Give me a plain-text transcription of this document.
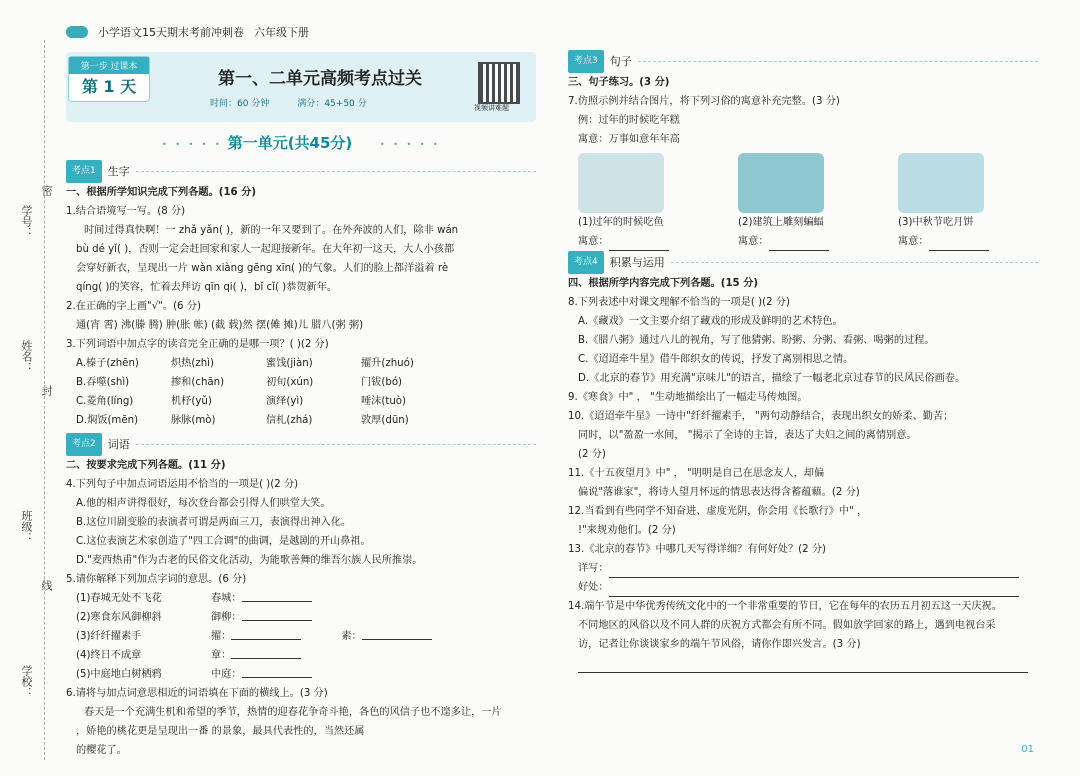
学号：
姓名：
班级：
学校：
密
封
线
小学语文15天期末考前冲刺卷 六年级下册
第一步 过课本
第 1 天	第一、二单元高频考点过关
时间：60 分钟	满分：45+50 分	视频讲难题
• • • • • 第一单元(共45分)	• • • • •
考点1	生字

一、根据所学知识完成下列各题。(16 分)

1.结合语境写一写。(8 分)

时间过得真快啊！一 zhǎ yǎn( )，新的一年又要到了。在外奔波的人们，除非 wán

bù dé yǐ( )，否则一定会赶回家和家人一起迎接新年。在大年初一这天，大人小孩都

会穿好新衣，呈现出一片 wàn xiàng gēng xīn( )的气象。人们的脸上都洋溢着 rè

qíng( )的笑容，忙着去拜访 qīn qi( )，bǐ cǐ( )恭贺新年。

2.在正确的字上画"√"。(6 分)

通(宵 霄) 沸(滕 腾) 肿(胀 帐) (截 载)然 摆(傩 摊)儿 腊八(粥 粥)

3.下列词语中加点字的读音完全正确的是哪一项？( )(2 分)

A.榛子(zhēn)	炽热(zhì)	蜜饯(jiàn)	擢升(zhuó)
B.吞噬(shì)	掺和(chān)	初旬(xún)	门钹(bó)
C.菱角(líng)	机杼(yǔ)	演绎(yì)	唾沫(tuò)
D.焖饭(mēn)	脉脉(mò)	信札(zhá)	敦厚(dūn)
考点2	词语

二、按要求完成下列各题。(11 分)

4.下列句子中加点词语运用不恰当的一项是( )(2 分)

A.他的相声讲得很好，每次登台都会引得人们哄堂大笑。

B.这位川剧变脸的表演者可谓是两面三刀，表演得出神入化。

C.这位表演艺术家创造了"四工合调"的曲调，是越剧的开山鼻祖。

D."麦西热甫"作为古老的民俗文化活动，为能歌善舞的维吾尔族人民所推崇。

5.请你解释下列加点字词的意思。(6 分)

(1)春城无处不飞花	春城：
(2)寒食东风御柳斜	御柳：
(3)纤纤擢素手	擢：	素：
(4)终日不成章	章：
(5)中庭地白树栖鸦	中庭：

6.请将与加点词意思相近的词语填在下面的横线上。(3 分)

春天是一个充满生机和希望的季节，热情的迎春花争奇斗艳，各色的风信子也不遑多让，一片

，娇艳的桃花更是呈现出一番 的景象，最具代表性的，当然还属

的樱花了。

考点3	句子

三、句子练习。(3 分)

7.仿照示例并结合图片，将下列习俗的寓意补充完整。(3 分)

例：过年的时候吃年糕

寓意：万事如意年年高

(1)过年的时候吃鱼

寓意：

(2)建筑上雕刻蝙蝠

寓意：

(3)中秋节吃月饼

寓意：

考点4	积累与运用

四、根据所学内容完成下列各题。(15 分)

8.下列表述中对课文理解不恰当的一项是( )(2 分)

A.《藏戏》一文主要介绍了藏戏的形成及鲜明的艺术特色。

B.《腊八粥》通过八儿的视角，写了他猜粥、盼粥、分粥、看粥、喝粥的过程。

C.《迢迢牵牛星》借牛郎织女的传说，抒发了离别相思之情。

D.《北京的春节》用充满"京味儿"的语言，描绘了一幅老北京过春节的民风民俗画卷。

9.《寒食》中" ， "生动地描绘出了一幅走马传烛图。

10.《迢迢牵牛星》一诗中"纤纤擢素手， "两句动静结合，表现出织女的娇柔、勤苦；

同时，以"盈盈一水间， "揭示了全诗的主旨，表达了夫妇之间的离情别意。

(2 分)

11.《十五夜望月》中" ， "明明是自己在思念友人，却偏

偏说"落谁家"，将诗人望月怀远的情思表达得含蓄蕴藉。(2 分)

12.当看到有些同学不知奋进、虚度光阴，你会用《长歌行》中" ，

!"来规劝他们。(2 分)

13.《北京的春节》中哪几天写得详细？有何好处？(2 分)

详写：

好处：

14.端午节是中华优秀传统文化中的一个非常重要的节日，它在每年的农历五月初五这一天庆祝。

不同地区的风俗以及不同人群的庆祝方式都会有所不同。假如放学回家的路上，遇到电视台采

访，记者让你谈谈家乡的端午节风俗，请你作即兴发言。(3 分)

01
